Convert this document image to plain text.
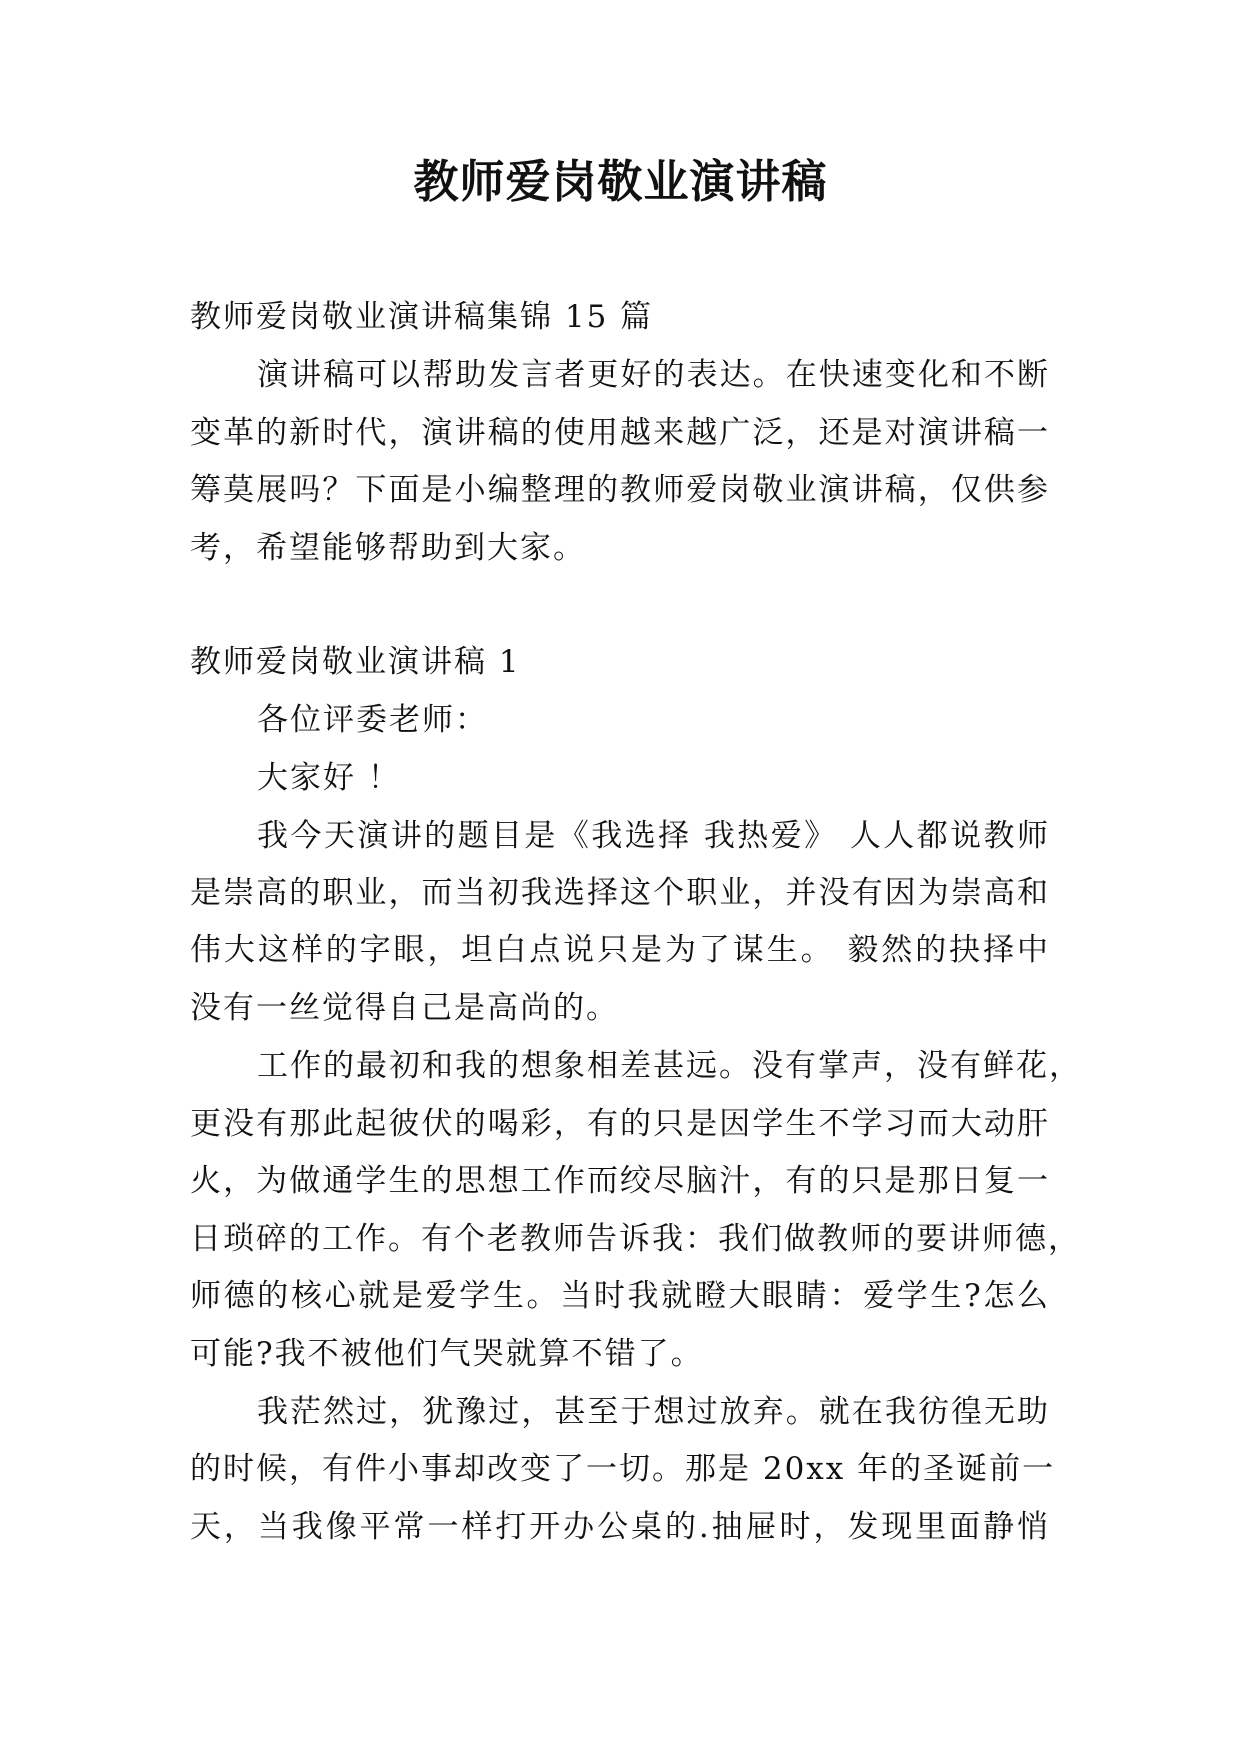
教师爱岗敬业演讲稿
教师爱岗敬业演讲稿集锦 15 篇
演讲稿可以帮助发言者更好的表达。在快速变化和不断
变革的新时代，演讲稿的使用越来越广泛，还是对演讲稿一
筹莫展吗？下面是小编整理的教师爱岗敬业演讲稿，仅供参
考，希望能够帮助到大家。
教师爱岗敬业演讲稿 1
各位评委老师：
大家好 ！
我今天演讲的题目是《我选择 我热爱》 人人都说教师
是崇高的职业，而当初我选择这个职业，并没有因为崇高和
伟大这样的字眼，坦白点说只是为了谋生。 毅然的抉择中
没有一丝觉得自己是高尚的。
工作的最初和我的想象相差甚远。没有掌声，没有鲜花，
更没有那此起彼伏的喝彩，有的只是因学生不学习而大动肝
火，为做通学生的思想工作而绞尽脑汁，有的只是那日复一
日琐碎的工作。有个老教师告诉我：我们做教师的要讲师德，
师德的核心就是爱学生。当时我就瞪大眼睛：爱学生?怎么
可能?我不被他们气哭就算不错了。
我茫然过，犹豫过，甚至于想过放弃。就在我彷徨无助
的时候，有件小事却改变了一切。那是 20xx 年的圣诞前一
天，当我像平常一样打开办公桌的.抽屉时，发现里面静悄
